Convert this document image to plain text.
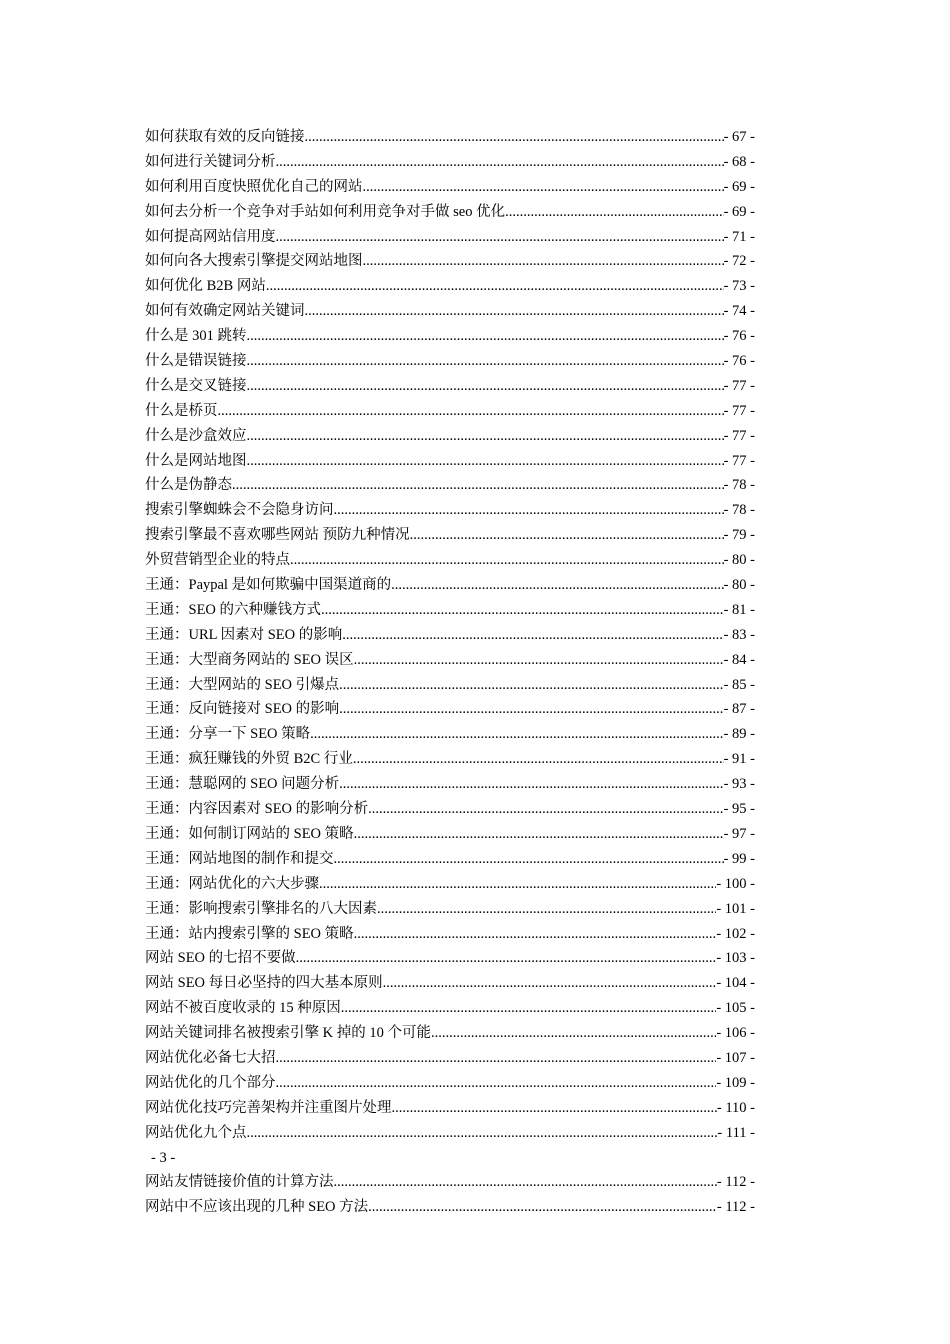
如何获取有效的反向链接 .....	- 67 -
如何进行关键词分析 .....	- 68 -
如何利用百度快照优化自己的网站 .....	- 69 -
如何去分析一个竞争对手站如何利用竞争对手做 seo 优化 .....	- 69 -
如何提高网站信用度 .....	- 71 -
如何向各大搜索引擎提交网站地图 .....	- 72 -
如何优化 B2B 网站 .....	- 73 -
如何有效确定网站关键词 .....	- 74 -
什么是 301 跳转 .....	- 76 -
什么是错误链接 .....	- 76 -
什么是交叉链接 .....	- 77 -
什么是桥页 .....	- 77 -
什么是沙盒效应 .....	- 77 -
什么是网站地图 .....	- 77 -
什么是伪静态 .....	- 78 -
搜索引擎蜘蛛会不会隐身访问 .....	- 78 -
搜索引擎最不喜欢哪些网站 预防九种情况 .....	- 79 -
外贸营销型企业的特点 .....	- 80 -
王通：Paypal 是如何欺骗中国渠道商的 .....	- 80 -
王通：SEO 的六种赚钱方式 .....	- 81 -
王通：URL 因素对 SEO 的影响 .....	- 83 -
王通：大型商务网站的 SEO 误区 .....	- 84 -
王通：大型网站的 SEO 引爆点 .....	- 85 -
王通：反向链接对 SEO 的影响 .....	- 87 -
王通：分享一下 SEO 策略 .....	- 89 -
王通：疯狂赚钱的外贸 B2C 行业 .....	- 91 -
王通：慧聪网的 SEO 问题分析 .....	- 93 -
王通：内容因素对 SEO 的影响分析 .....	- 95 -
王通：如何制订网站的 SEO 策略 .....	- 97 -
王通：网站地图的制作和提交 .....	- 99 -
王通：网站优化的六大步骤 .....	- 100 -
王通：影响搜索引擎排名的八大因素 .....	- 101 -
王通：站内搜索引擎的 SEO 策略 .....	- 102 -
网站 SEO 的七招不要做 .....	- 103 -
网站 SEO 每日必坚持的四大基本原则 .....	- 104 -
网站不被百度收录的 15 种原因 .....	- 105 -
网站关键词排名被搜索引擎 K 掉的 10 个可能 .....	- 106 -
网站优化必备七大招 .....	- 107 -
网站优化的几个部分 .....	- 109 -
网站优化技巧完善架构并注重图片处理 .....	- 110 -
网站优化九个点 .....	- 111 -
- 3 -
网站友情链接价值的计算方法 .....	- 112 -
网站中不应该出现的几种 SEO 方法 .....	- 112 -
